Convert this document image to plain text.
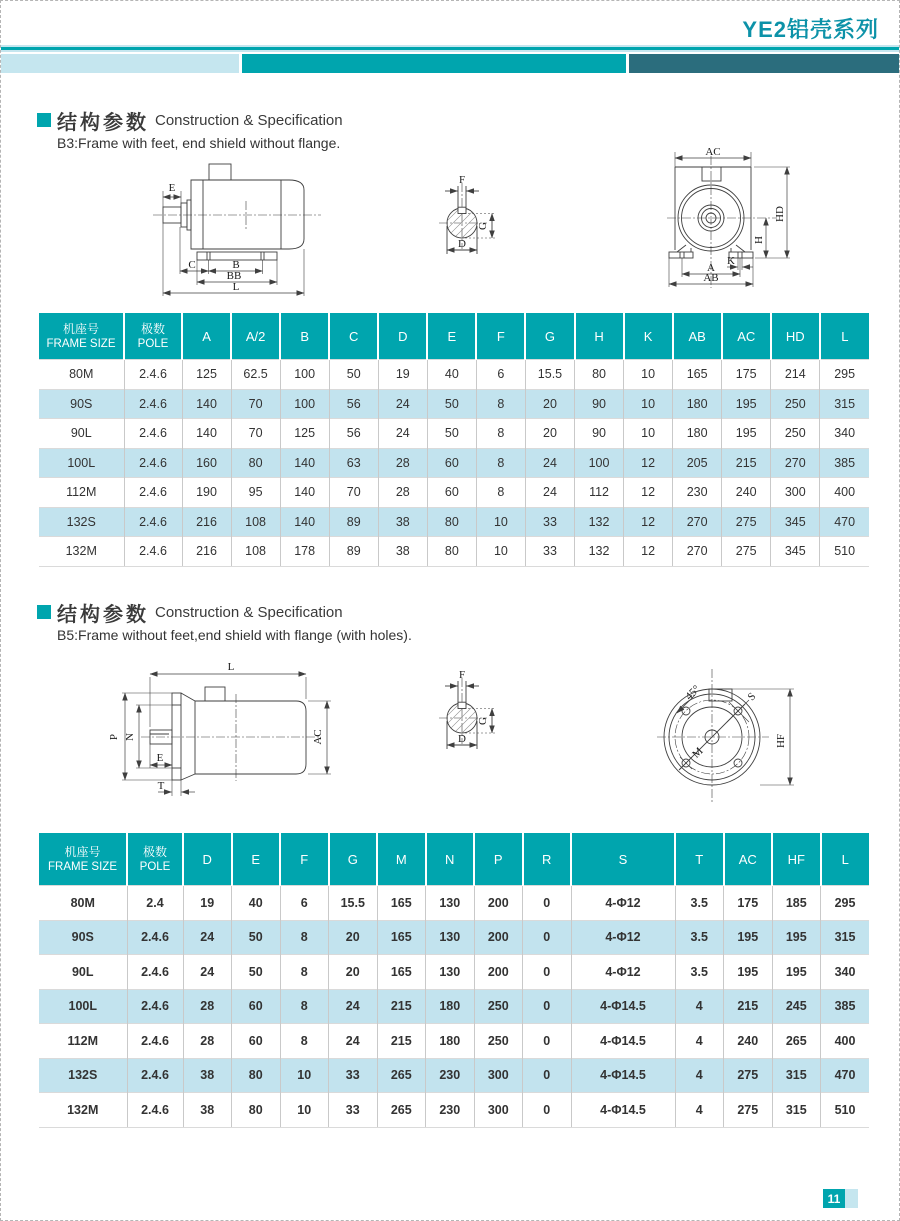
YE2铝壳系列
结构参数 Construction & Specification
B3:Frame with feet, end shield without flange.
E
C	B
BB
L
F
G
D
AC
HD
H
K
A
AB
机座号
FRAME SIZE

极数
POLE	A	A/2	B	C	D	E	F	G	H	K	AB	AC	HD	L
80M	2.4.6	125	62.5	100	50	19	40	6	15.5	80	10	165	175	214	295
90S	2.4.6	140	70	100	56	24	50	8	20	90	10	180	195	250	315
90L	2.4.6	140	70	125	56	24	50	8	20	90	10	180	195	250	340
100L	2.4.6	160	80	140	63	28	60	8	24	100	12	205	215	270	385
112M	2.4.6	190	95	140	70	28	60	8	24	112	12	230	240	300	400
132S	2.4.6	216	108	140	89	38	80	10	33	132	12	270	275	345	470
132M	2.4.6	216	108	178	89	38	80	10	33	132	12	270	275	345	510
结构参数 Construction & Specification
B5:Frame without feet,end shield with flange (with holes).
L
P N	AC
T
E
F
G
D
S
45°
M
HF
机座号
FRAME SIZE

极数
POLE	D	E	F	G	M	N	P	R	S	T	AC	HF	L
80M	2.4	19	40	6	15.5	165	130	200	0	4-Φ12	3.5	175	185	295
90S	2.4.6	24	50	8	20	165	130	200	0	4-Φ12	3.5	195	195	315
90L	2.4.6	24	50	8	20	165	130	200	0	4-Φ12	3.5	195	195	340
100L	2.4.6	28	60	8	24	215	180	250	0	4-Φ14.5	4	215	245	385
112M	2.4.6	28	60	8	24	215	180	250	0	4-Φ14.5	4	240	265	400
132S	2.4.6	38	80	10	33	265	230	300	0	4-Φ14.5	4	275	315	470
132M	2.4.6	38	80	10	33	265	230	300	0	4-Φ14.5	4	275	315	510
11
